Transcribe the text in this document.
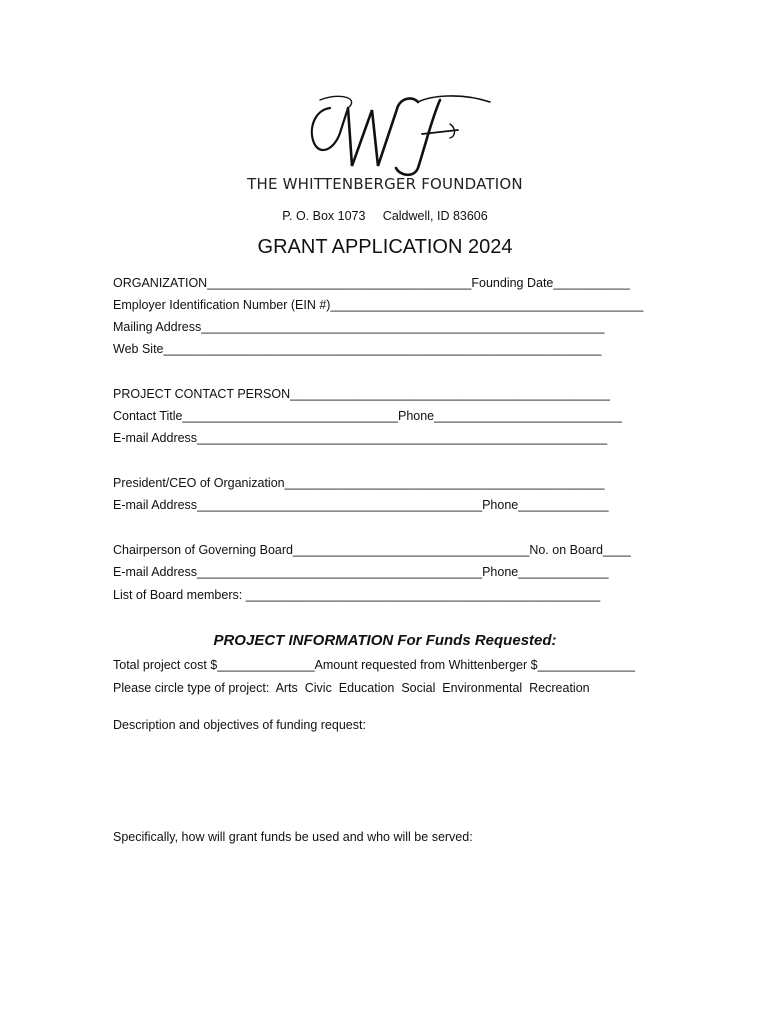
THE WHITTENBERGER FOUNDATION
P. O. Box 1073     Caldwell, ID 83606
GRANT APPLICATION 2024
ORGANIZATION______________________________________Founding Date___________
Employer Identification Number (EIN #)_____________________________________________
Mailing Address__________________________________________________________
Web Site_______________________________________________________________
PROJECT CONTACT PERSON______________________________________________
Contact Title_______________________________Phone___________________________
E-mail Address___________________________________________________________
President/CEO of Organization______________________________________________
E-mail Address_________________________________________Phone_____________
Chairperson of Governing Board__________________________________No. on Board____
E-mail Address_________________________________________Phone_____________
List of Board members: ___________________________________________________
PROJECT INFORMATION For Funds Requested:
Total project cost $______________Amount requested from Whittenberger $______________
Please circle type of project:  Arts  Civic  Education  Social  Environmental  Recreation
Description and objectives of funding request:
Specifically, how will grant funds be used and who will be served:
